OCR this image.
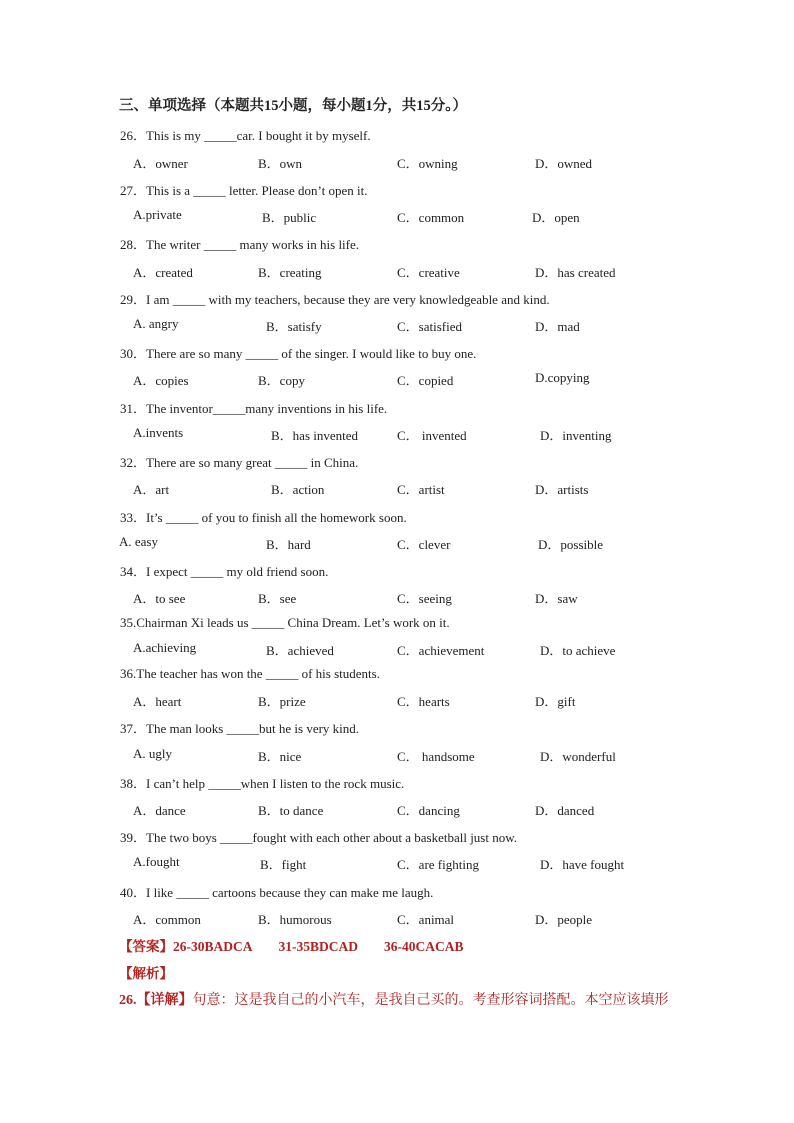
三、单项选择（本题共15小题，每小题1分，共15分。）
26．This is my _____car. I bought it by myself.
A．owner	B．own	C．owning	D．owned
27．This is a _____ letter. Please don’t open it.
A.private	B．public	C．common	D．open
28．The writer _____ many works in his life.
A．created	B．creating	C．creative	D．has created
29．I am _____ with my teachers, because they are very knowledgeable and kind.
A. angry	B．satisfy	C．satisfied	D．mad
30．There are so many _____ of the singer. I would like to buy one.
A．copies	B．copy	C．copied	D.copying
31．The inventor_____many inventions in his life.
A.invents	B．has invented	C． invented	D．inventing
32．There are so many great _____ in China.
A．art	B．action	C．artist	D．artists
33．It’s _____ of you to finish all the homework soon.
A. easy	B．hard	C．clever	D．possible
34．I expect _____ my old friend soon.
A．to see	B．see	C．seeing	D．saw
35.Chairman Xi leads us _____ China Dream. Let’s work on it.
A.achieving	B．achieved	C．achievement	D．to achieve
36.The teacher has won the _____ of his students.
A．heart	B．prize	C．hearts	D．gift
37．The man looks _____but he is very kind.
A. ugly	B．nice	C． handsome	D．wonderful
38．I can’t help _____when I listen to the rock music.
A．dance	B．to dance	C．dancing	D．danced
39．The two boys _____fought with each other about a basketball just now.
A.fought	B．fight	C．are fighting	D．have fought
40．I like _____ cartoons because they can make me laugh.
A．common	B．humorous	C．animal	D．people
【答案】26-30BADCA 31-35BDCAD 36-40CACAB
【解析】
26.【详解】句意：这是我自己的小汽车，是我自己买的。考查形容词搭配。本空应该填形
